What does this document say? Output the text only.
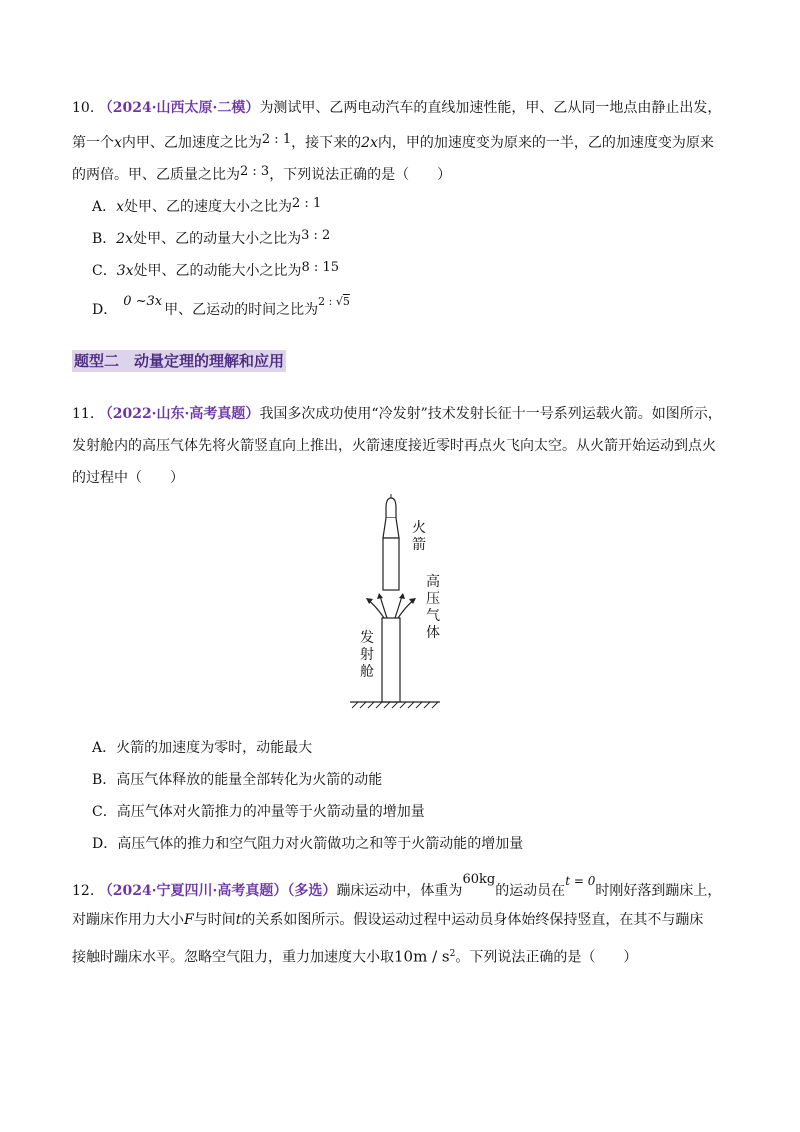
10. （2024·山西太原·二模）为测试甲、乙两电动汽车的直线加速性能，甲、乙从同一地点由静止出发，
第一个x内甲、乙加速度之比为2 : 1，接下来的2x内，甲的加速度变为原来的一半，乙的加速度变为原来
的两倍。甲、乙质量之比为2 : 3，下列说法正确的是（　　）
A．x处甲、乙的速度大小之比为2 : 1
B．2x处甲、乙的动量大小之比为3 : 2
C．3x处甲、乙的动能大小之比为8 : 15
D．0 ~3x甲、乙运动的时间之比为2 : √5
题型二　动量定理的理解和应用
11. （2022·山东·高考真题）我国多次成功使用“冷发射”技术发射长征十一号系列运载火箭。如图所示，
发射舱内的高压气体先将火箭竖直向上推出，火箭速度接近零时再点火飞向太空。从火箭开始运动到点火
的过程中（　　）
火箭
高压气体
发射舱
A．火箭的加速度为零时，动能最大
B．高压气体释放的能量全部转化为火箭的动能
C．高压气体对火箭推力的冲量等于火箭动量的增加量
D．高压气体的推力和空气阻力对火箭做功之和等于火箭动能的增加量
12. （2024·宁夏四川·高考真题）（多选）蹦床运动中，体重为60kg的运动员在t = 0时刚好落到蹦床上，
对蹦床作用力大小F与时间t的关系如图所示。假设运动过程中运动员身体始终保持竖直，在其不与蹦床
接触时蹦床水平。忽略空气阻力，重力加速度大小取$10m / s^2$。下列说法正确的是（　　）
